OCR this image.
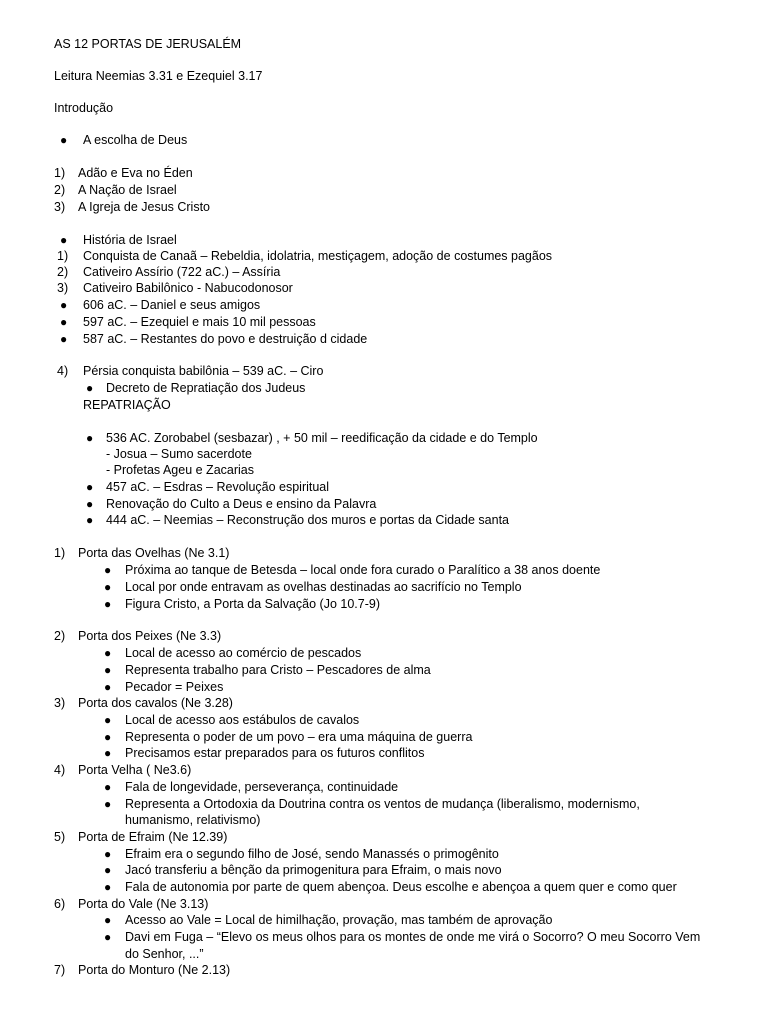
AS 12 PORTAS DE JERUSALÉM
Leitura Neemias 3.31 e Ezequiel 3.17
Introdução
● A escolha de Deus
1) Adão e Eva no Éden
2) A Nação de Israel
3) A Igreja de Jesus Cristo
● História de Israel
1) Conquista de Canaã – Rebeldia, idolatria, mestiçagem, adoção de costumes pagãos
2) Cativeiro Assírio (722 aC.) – Assíria
3) Cativeiro Babilônico - Nabucodonosor
● 606 aC. – Daniel e seus amigos
● 597 aC. – Ezequiel e mais 10 mil pessoas
● 587 aC. – Restantes do povo e destruição d cidade
4) Pérsia conquista babilônia – 539 aC. – Ciro
● Decreto de Repratiação dos Judeus
REPATRIAÇÃO
● 536 AC. Zorobabel (sesbazar) , + 50 mil – reedificação da cidade e do Templo
- Josua – Sumo sacerdote
- Profetas Ageu e Zacarias
● 457 aC. – Esdras – Revolução espiritual
● Renovação do Culto a Deus e ensino da Palavra
● 444 aC. – Neemias – Reconstrução dos muros e portas da Cidade santa
1) Porta das Ovelhas (Ne 3.1)
● Próxima ao tanque de Betesda – local onde fora curado o Paralítico a 38 anos doente
● Local por onde entravam as ovelhas destinadas ao sacrifício no Templo
● Figura Cristo, a Porta da Salvação (Jo 10.7-9)
2) Porta dos Peixes (Ne 3.3)
● Local de acesso ao comércio de pescados
● Representa trabalho para Cristo – Pescadores de alma
● Pecador = Peixes
3) Porta dos cavalos (Ne 3.28)
● Local de acesso aos estábulos de cavalos
● Representa o poder de um povo – era uma máquina de guerra
● Precisamos estar preparados para os futuros conflitos
4) Porta Velha ( Ne3.6)
● Fala de longevidade, perseverança, continuidade
● Representa a Ortodoxia da Doutrina contra os ventos de mudança (liberalismo, modernismo,
humanismo, relativismo)
5) Porta de Efraim (Ne 12.39)
● Efraim era o segundo filho de José, sendo Manassés o primogênito
● Jacó transferiu a bênção da primogenitura para Efraim, o mais novo
● Fala de autonomia por parte de quem abençoa. Deus escolhe e abençoa a quem quer e como quer
6) Porta do Vale (Ne 3.13)
● Acesso ao Vale = Local de himilhação, provação, mas também de aprovação
● Davi em Fuga – “Elevo os meus olhos para os montes de onde me virá o Socorro? O meu Socorro Vem
do Senhor, ...”
7) Porta do Monturo (Ne 2.13)
